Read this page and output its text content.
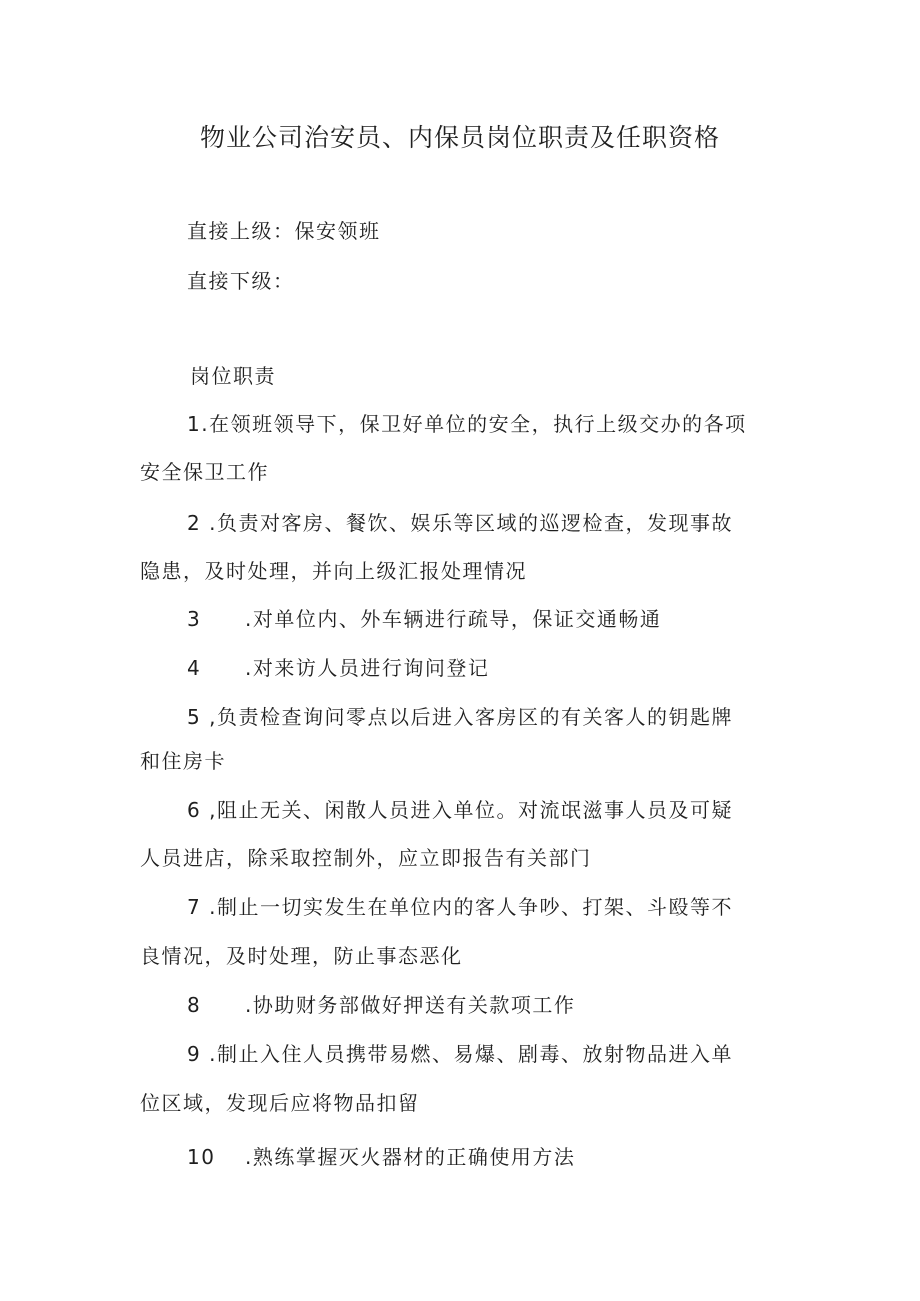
物业公司治安员、内保员岗位职责及任职资格
直接上级：保安领班
直接下级：
岗位职责
1.在领班领导下，保卫好单位的安全，执行上级交办的各项
安全保卫工作
2 .负责对客房、餐饮、娱乐等区域的巡逻检查，发现事故
隐患，及时处理，并向上级汇报处理情况
3 .对单位内、外车辆进行疏导，保证交通畅通
4 .对来访人员进行询问登记
5 ,负责检查询问零点以后进入客房区的有关客人的钥匙牌
和住房卡
6 ,阻止无关、闲散人员进入单位。对流氓滋事人员及可疑
人员进店，除采取控制外，应立即报告有关部门
7 .制止一切实发生在单位内的客人争吵、打架、斗殴等不
良情况，及时处理，防止事态恶化
8 .协助财务部做好押送有关款项工作
9 .制止入住人员携带易燃、易爆、剧毒、放射物品进入单
位区域，发现后应将物品扣留
10 .熟练掌握灭火器材的正确使用方法
